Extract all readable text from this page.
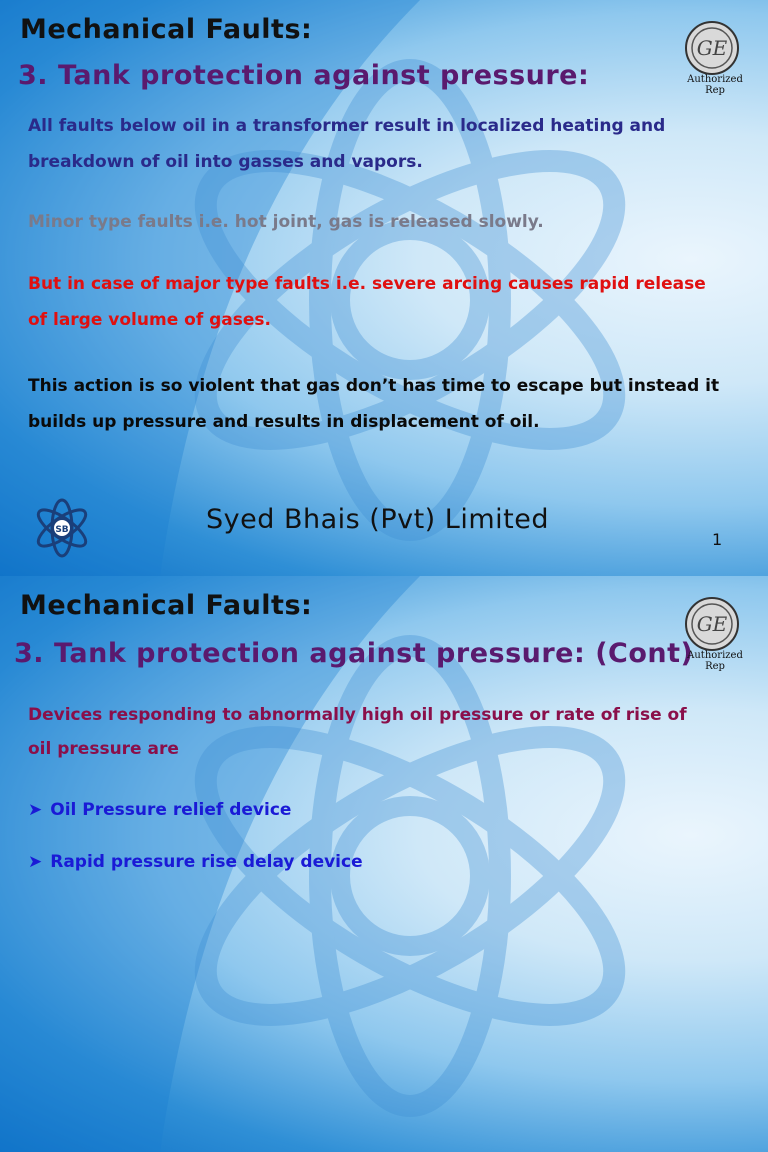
Mechanical Faults:
3. Tank protection against pressure:
GE
Authorized Rep
All faults below oil in a transformer result in localized heating and breakdown of oil into gasses and vapors.
Minor type faults i.e. hot joint, gas is released slowly.
But in case of major type faults i.e. severe arcing causes rapid release of large volume of gases.
This action is so violent that gas don’t has time to escape but instead it builds up pressure and results in displacement of oil.
SB	Syed Bhais (Pvt) Limited
1
Mechanical Faults:
3. Tank protection against pressure: (Cont)
GE
Authorized Rep
Devices responding to abnormally high oil pressure or rate of rise of oil pressure are
➤ Oil Pressure relief device
➤ Rapid pressure rise delay device
